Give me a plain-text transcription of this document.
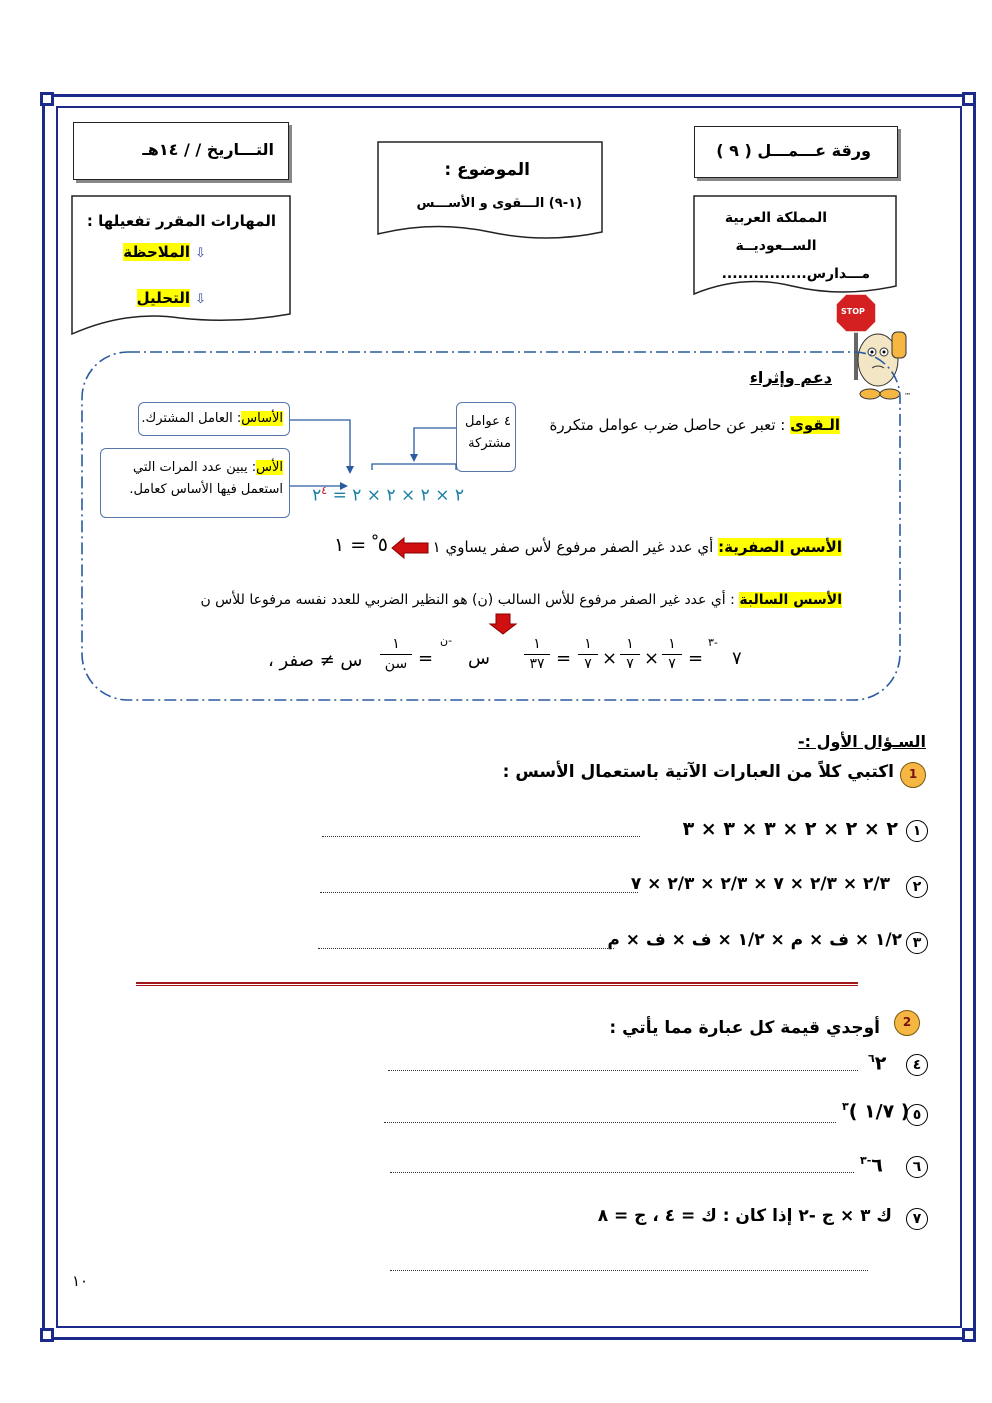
ورقة عـــمـــل ( ٩ )
التـــاريخ / / ١٤هـ
الموضوع :
(١-٩) الـــقوى و الأســـس
المملكة العربية
الســعوديــة
مـــدارس................
المهارات المقرر تفعيلها :
⇩ الملاحظة
⇩ التحليل
STOP
™
دعم وإثراء
الـقوى : تعبر عن حاصل ضرب عوامل متكررة
الأساس: العامل المشترك.
الأس: يبين عدد المرات التي استعمل فيها الأساس كعامل.
٤ عوامل
مشتركة
٢ × ٢ × ٢ × ٢ = $٢^٤$
الأسس الصفرية: أي عدد غير الصفر مرفوع لأس صفر يساوي ١
٥ ْ = ١
الأسس السالبة : أي عدد غير الصفر مرفوع للأس السالب (ن) هو النظير الضربي للعدد نفسه مرفوعا للأس ن
، س ≠ صفر
١
سن =
-ن
س
١
٣٧ =
١
٧ ×
١
٧ ×
١
٧ =
-٣
٧
السـؤال الأول :-
1
اكتبي كلاً من العبارات الآتية باستعمال الأسس :
١
٢ × ٢ × ٢ × ٣ × ٣ × ٣
٢
٢/٣ × ٢/٣ × ٧ × ٢/٣ × ٢/٣ × ٧
٣
١/٢ × ف × م × ١/٢ × ف × ف × م
2
أوجدي قيمة كل عبارة مما يأتي :
٤
$^٦$٢
٥
( ١/٧ )$^٣$
٦
$٦^{-٣}$
٧
ك ٣ × ج -٢ إذا كان : ك = ٤ ، ج = ٨
١٠
